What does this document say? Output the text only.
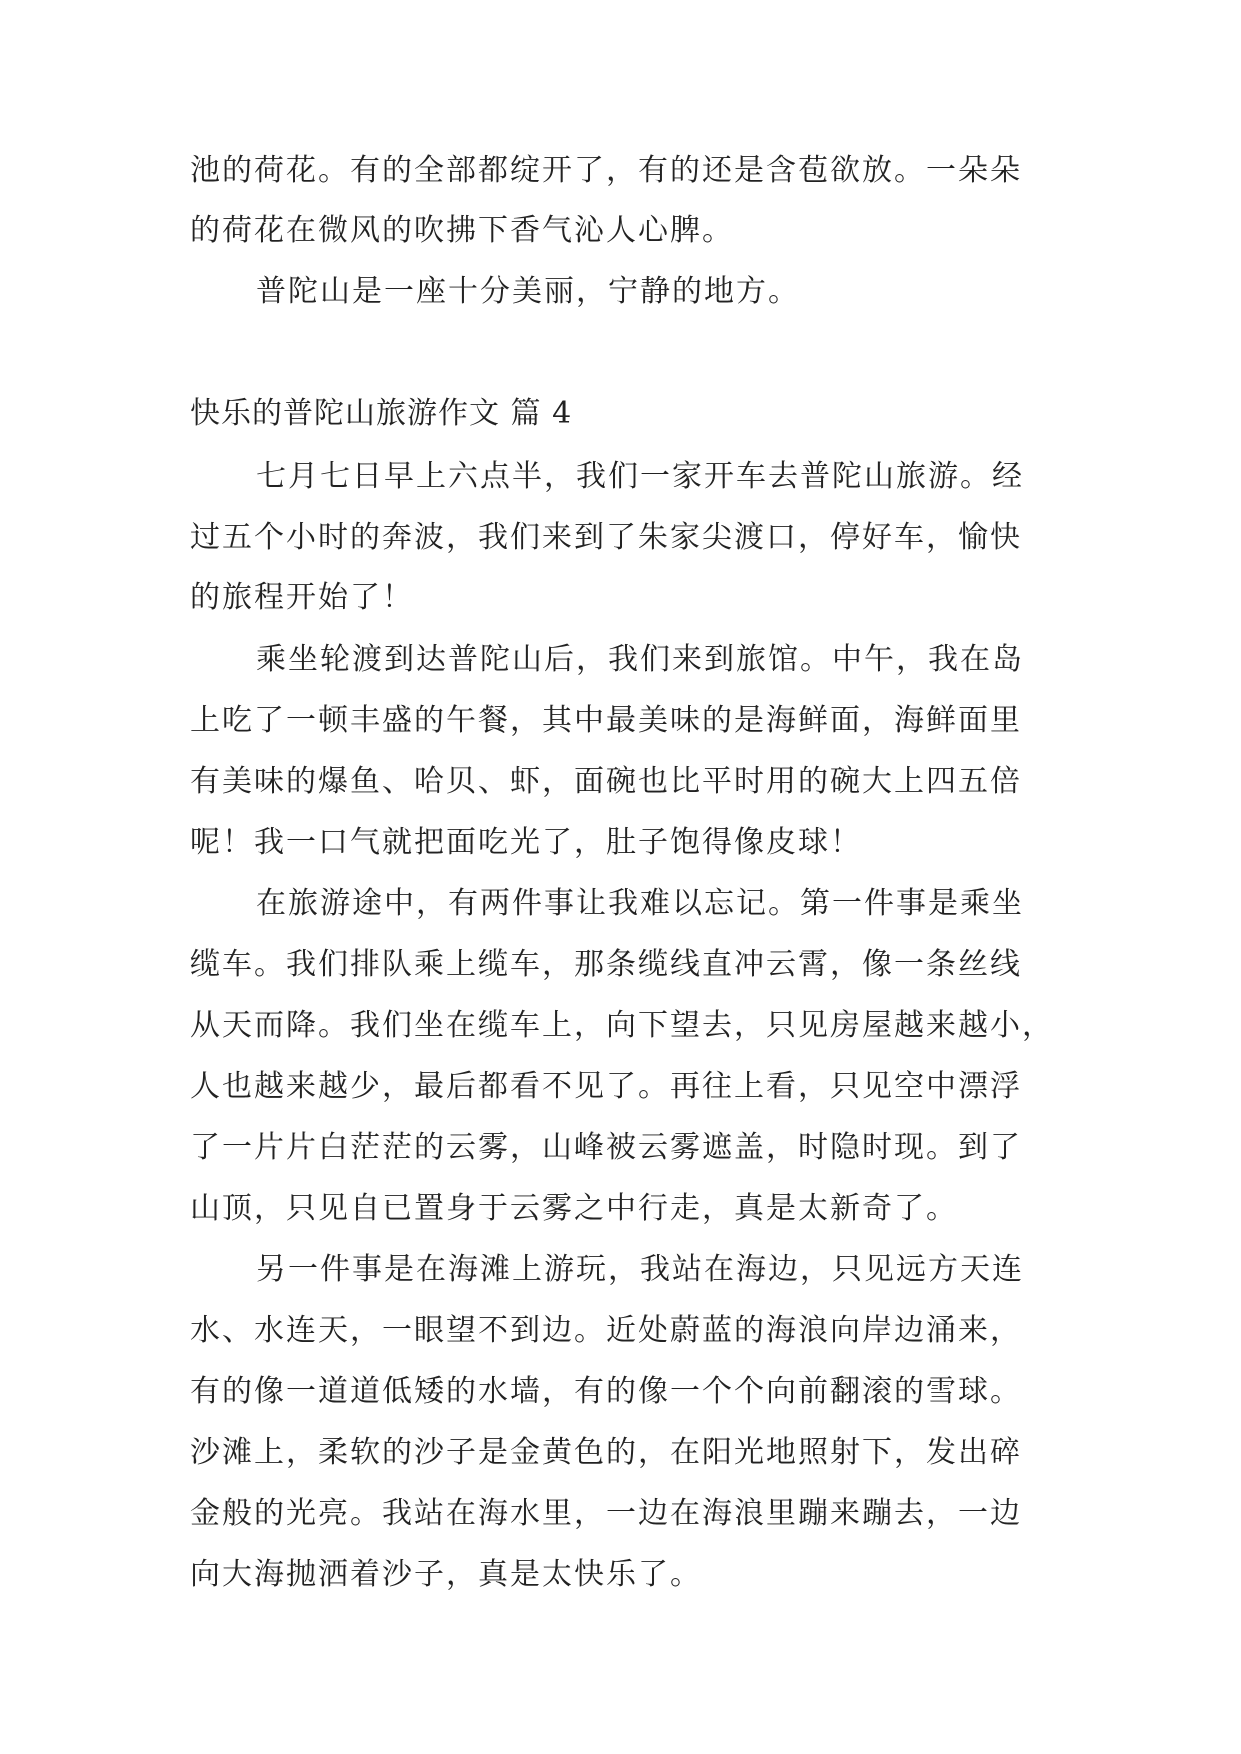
池的荷花。有的全部都绽开了，有的还是含苞欲放。一朵朵
的荷花在微风的吹拂下香气沁人心脾。
普陀山是一座十分美丽，宁静的地方。
快乐的普陀山旅游作文 篇 4
七月七日早上六点半，我们一家开车去普陀山旅游。经
过五个小时的奔波，我们来到了朱家尖渡口，停好车，愉快
的旅程开始了！
乘坐轮渡到达普陀山后，我们来到旅馆。中午，我在岛
上吃了一顿丰盛的午餐，其中最美味的是海鲜面，海鲜面里
有美味的爆鱼、哈贝、虾，面碗也比平时用的碗大上四五倍
呢！我一口气就把面吃光了，肚子饱得像皮球！
在旅游途中，有两件事让我难以忘记。第一件事是乘坐
缆车。我们排队乘上缆车，那条缆线直冲云霄，像一条丝线
从天而降。我们坐在缆车上，向下望去，只见房屋越来越小，
人也越来越少，最后都看不见了。再往上看，只见空中漂浮
了一片片白茫茫的云雾，山峰被云雾遮盖，时隐时现。到了
山顶，只见自已置身于云雾之中行走，真是太新奇了。
另一件事是在海滩上游玩，我站在海边，只见远方天连
水、水连天，一眼望不到边。近处蔚蓝的海浪向岸边涌来，
有的像一道道低矮的水墙，有的像一个个向前翻滚的雪球。
沙滩上，柔软的沙子是金黄色的，在阳光地照射下，发出碎
金般的光亮。我站在海水里，一边在海浪里蹦来蹦去，一边
向大海抛洒着沙子，真是太快乐了。
